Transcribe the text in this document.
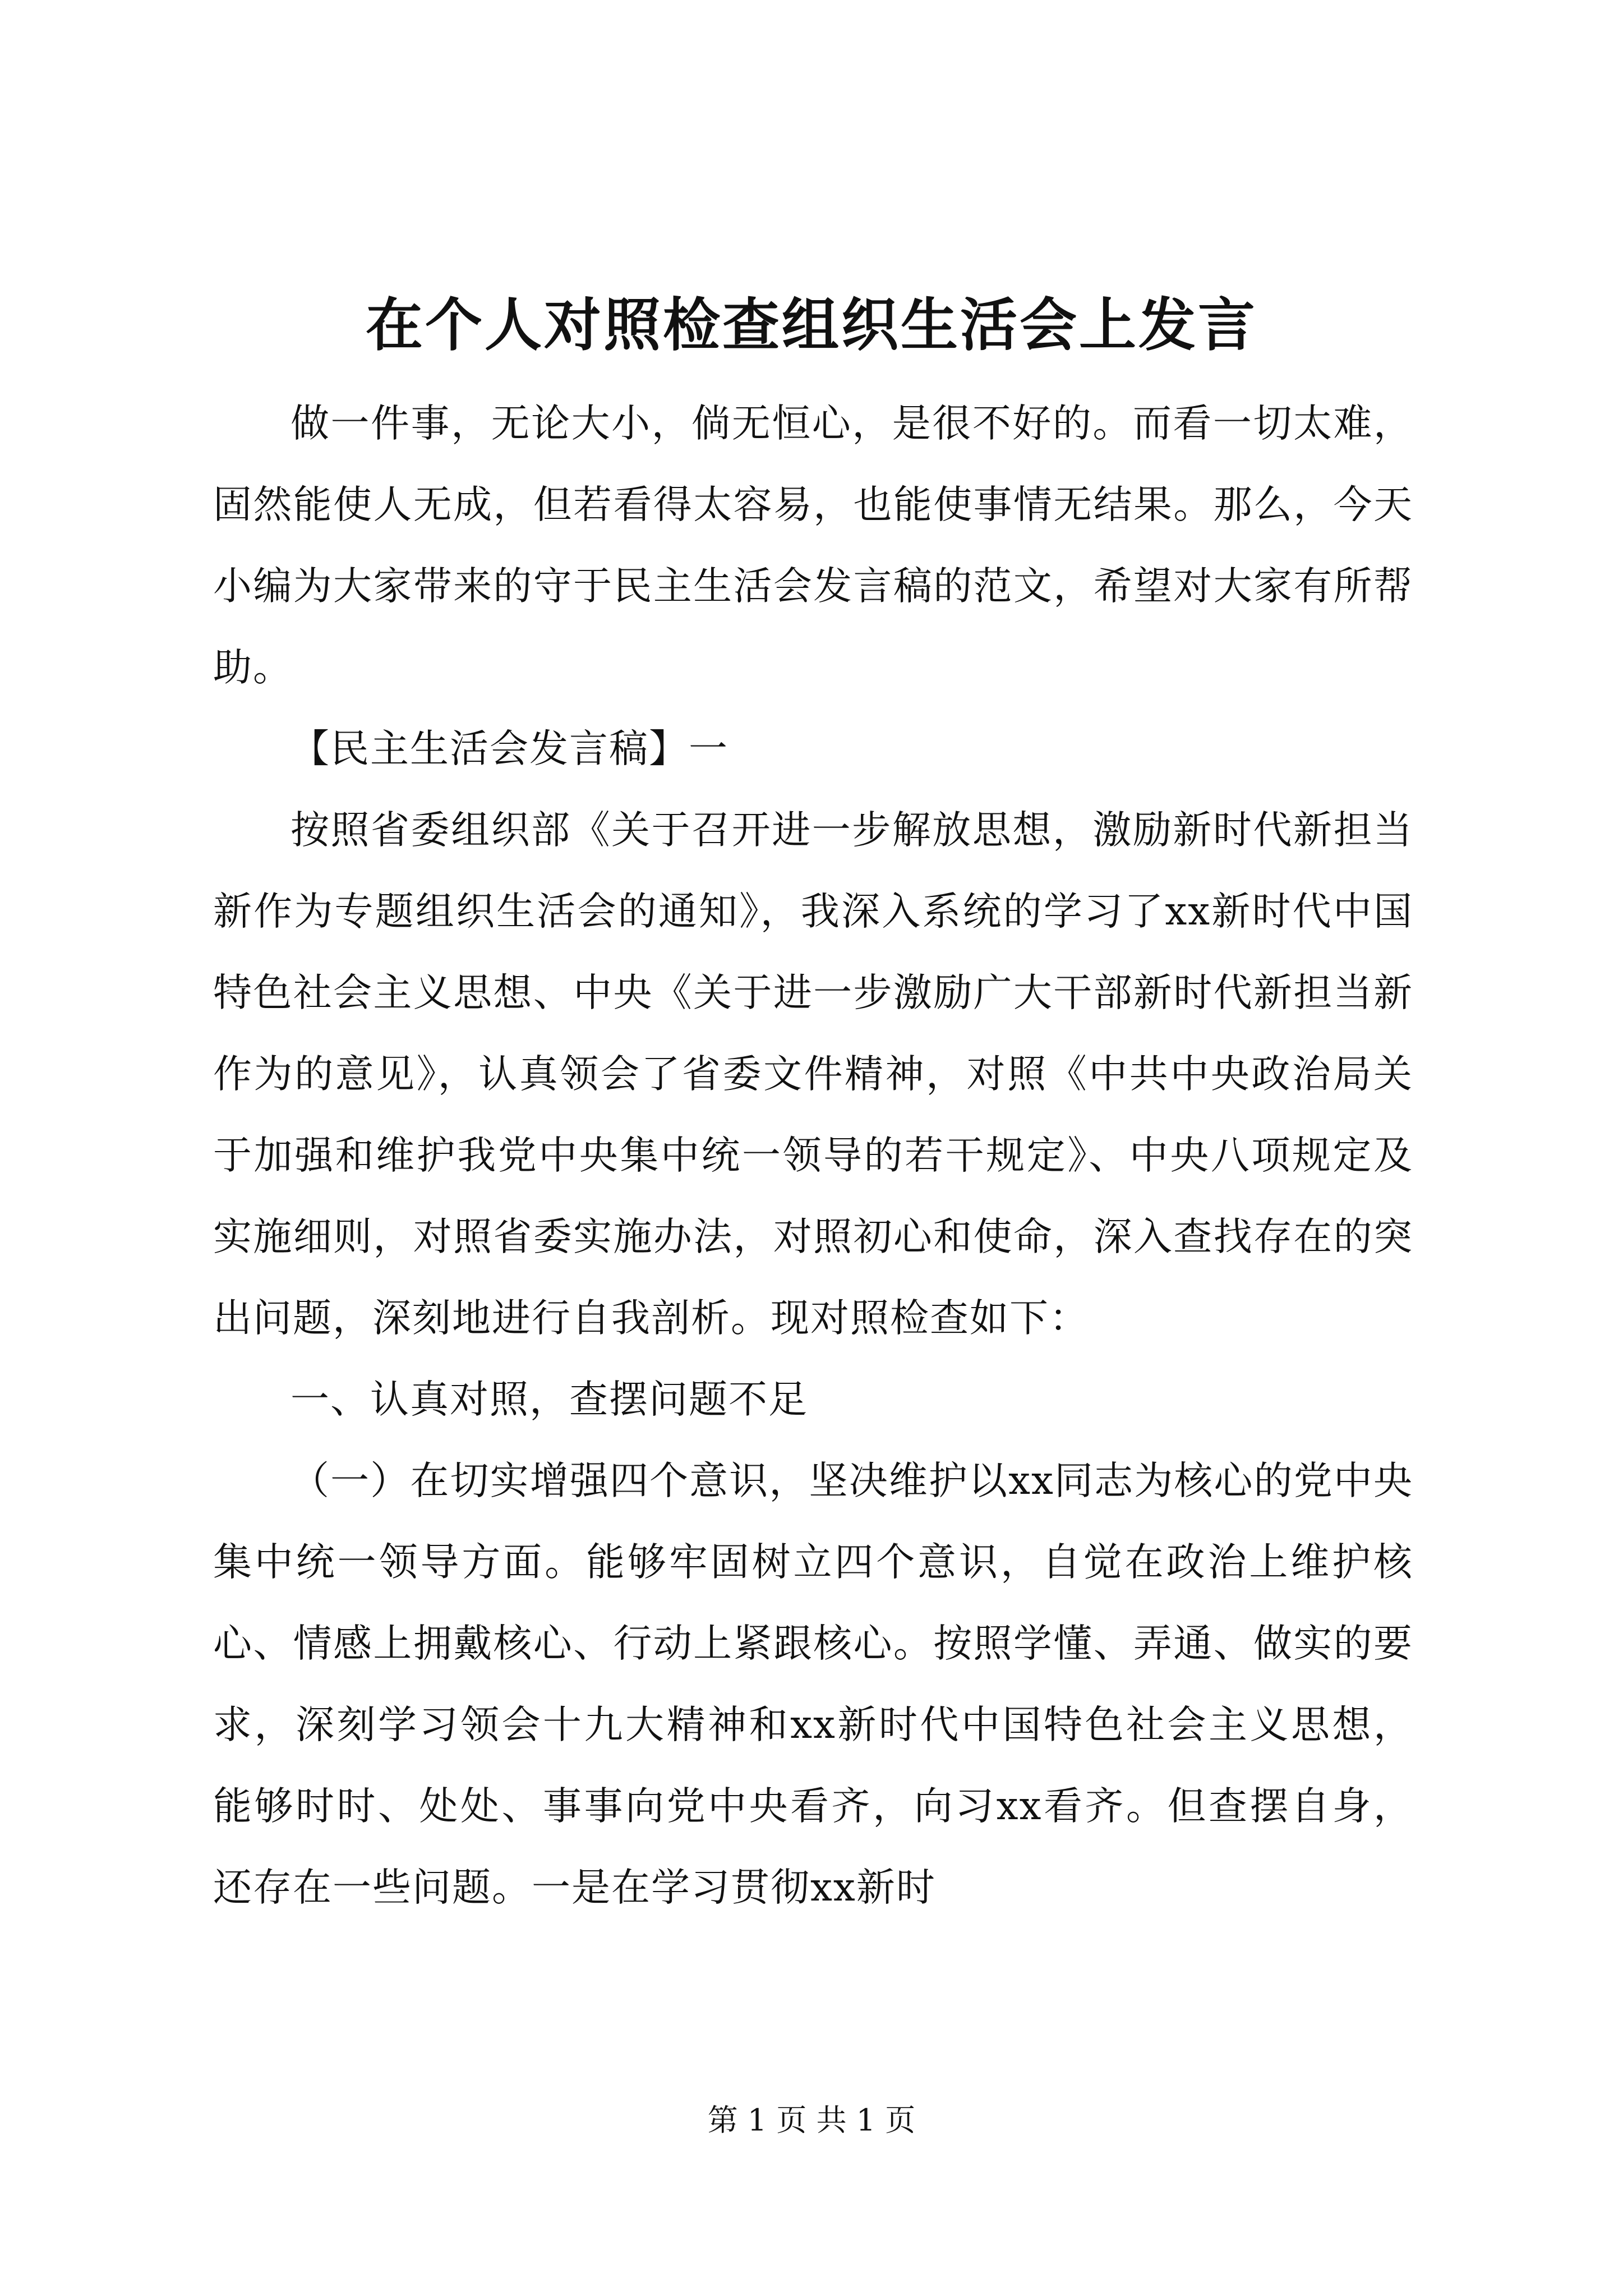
在个人对照检查组织生活会上发言

做一件事，无论大小，倘无恒心，是很不好的。而看一切太难，固然能使人无成，但若看得太容易，也能使事情无结果。那么，今天小编为大家带来的守于民主生活会发言稿的范文，希望对大家有所帮助。

【民主生活会发言稿】一

按照省委组织部《关于召开进一步解放思想，激励新时代新担当新作为专题组织生活会的通知》，我深入系统的学习了xx新时代中国特色社会主义思想、中央《关于进一步激励广大干部新时代新担当新作为的意见》，认真领会了省委文件精神，对照《中共中央政治局关于加强和维护我党中央集中统一领导的若干规定》、中央八项规定及实施细则，对照省委实施办法，对照初心和使命，深入查找存在的突出问题，深刻地进行自我剖析。现对照检查如下：

一、认真对照，查摆问题不足

（一）在切实增强四个意识，坚决维护以xx同志为核心的党中央集中统一领导方面。能够牢固树立四个意识，自觉在政治上维护核心、情感上拥戴核心、行动上紧跟核心。按照学懂、弄通、做实的要求，深刻学习领会十九大精神和xx新时代中国特色社会主义思想，能够时时、处处、事事向党中央看齐，向习xx看齐。但查摆自身，还存在一些问题。一是在学习贯彻xx新时

第 1 页 共 1 页
